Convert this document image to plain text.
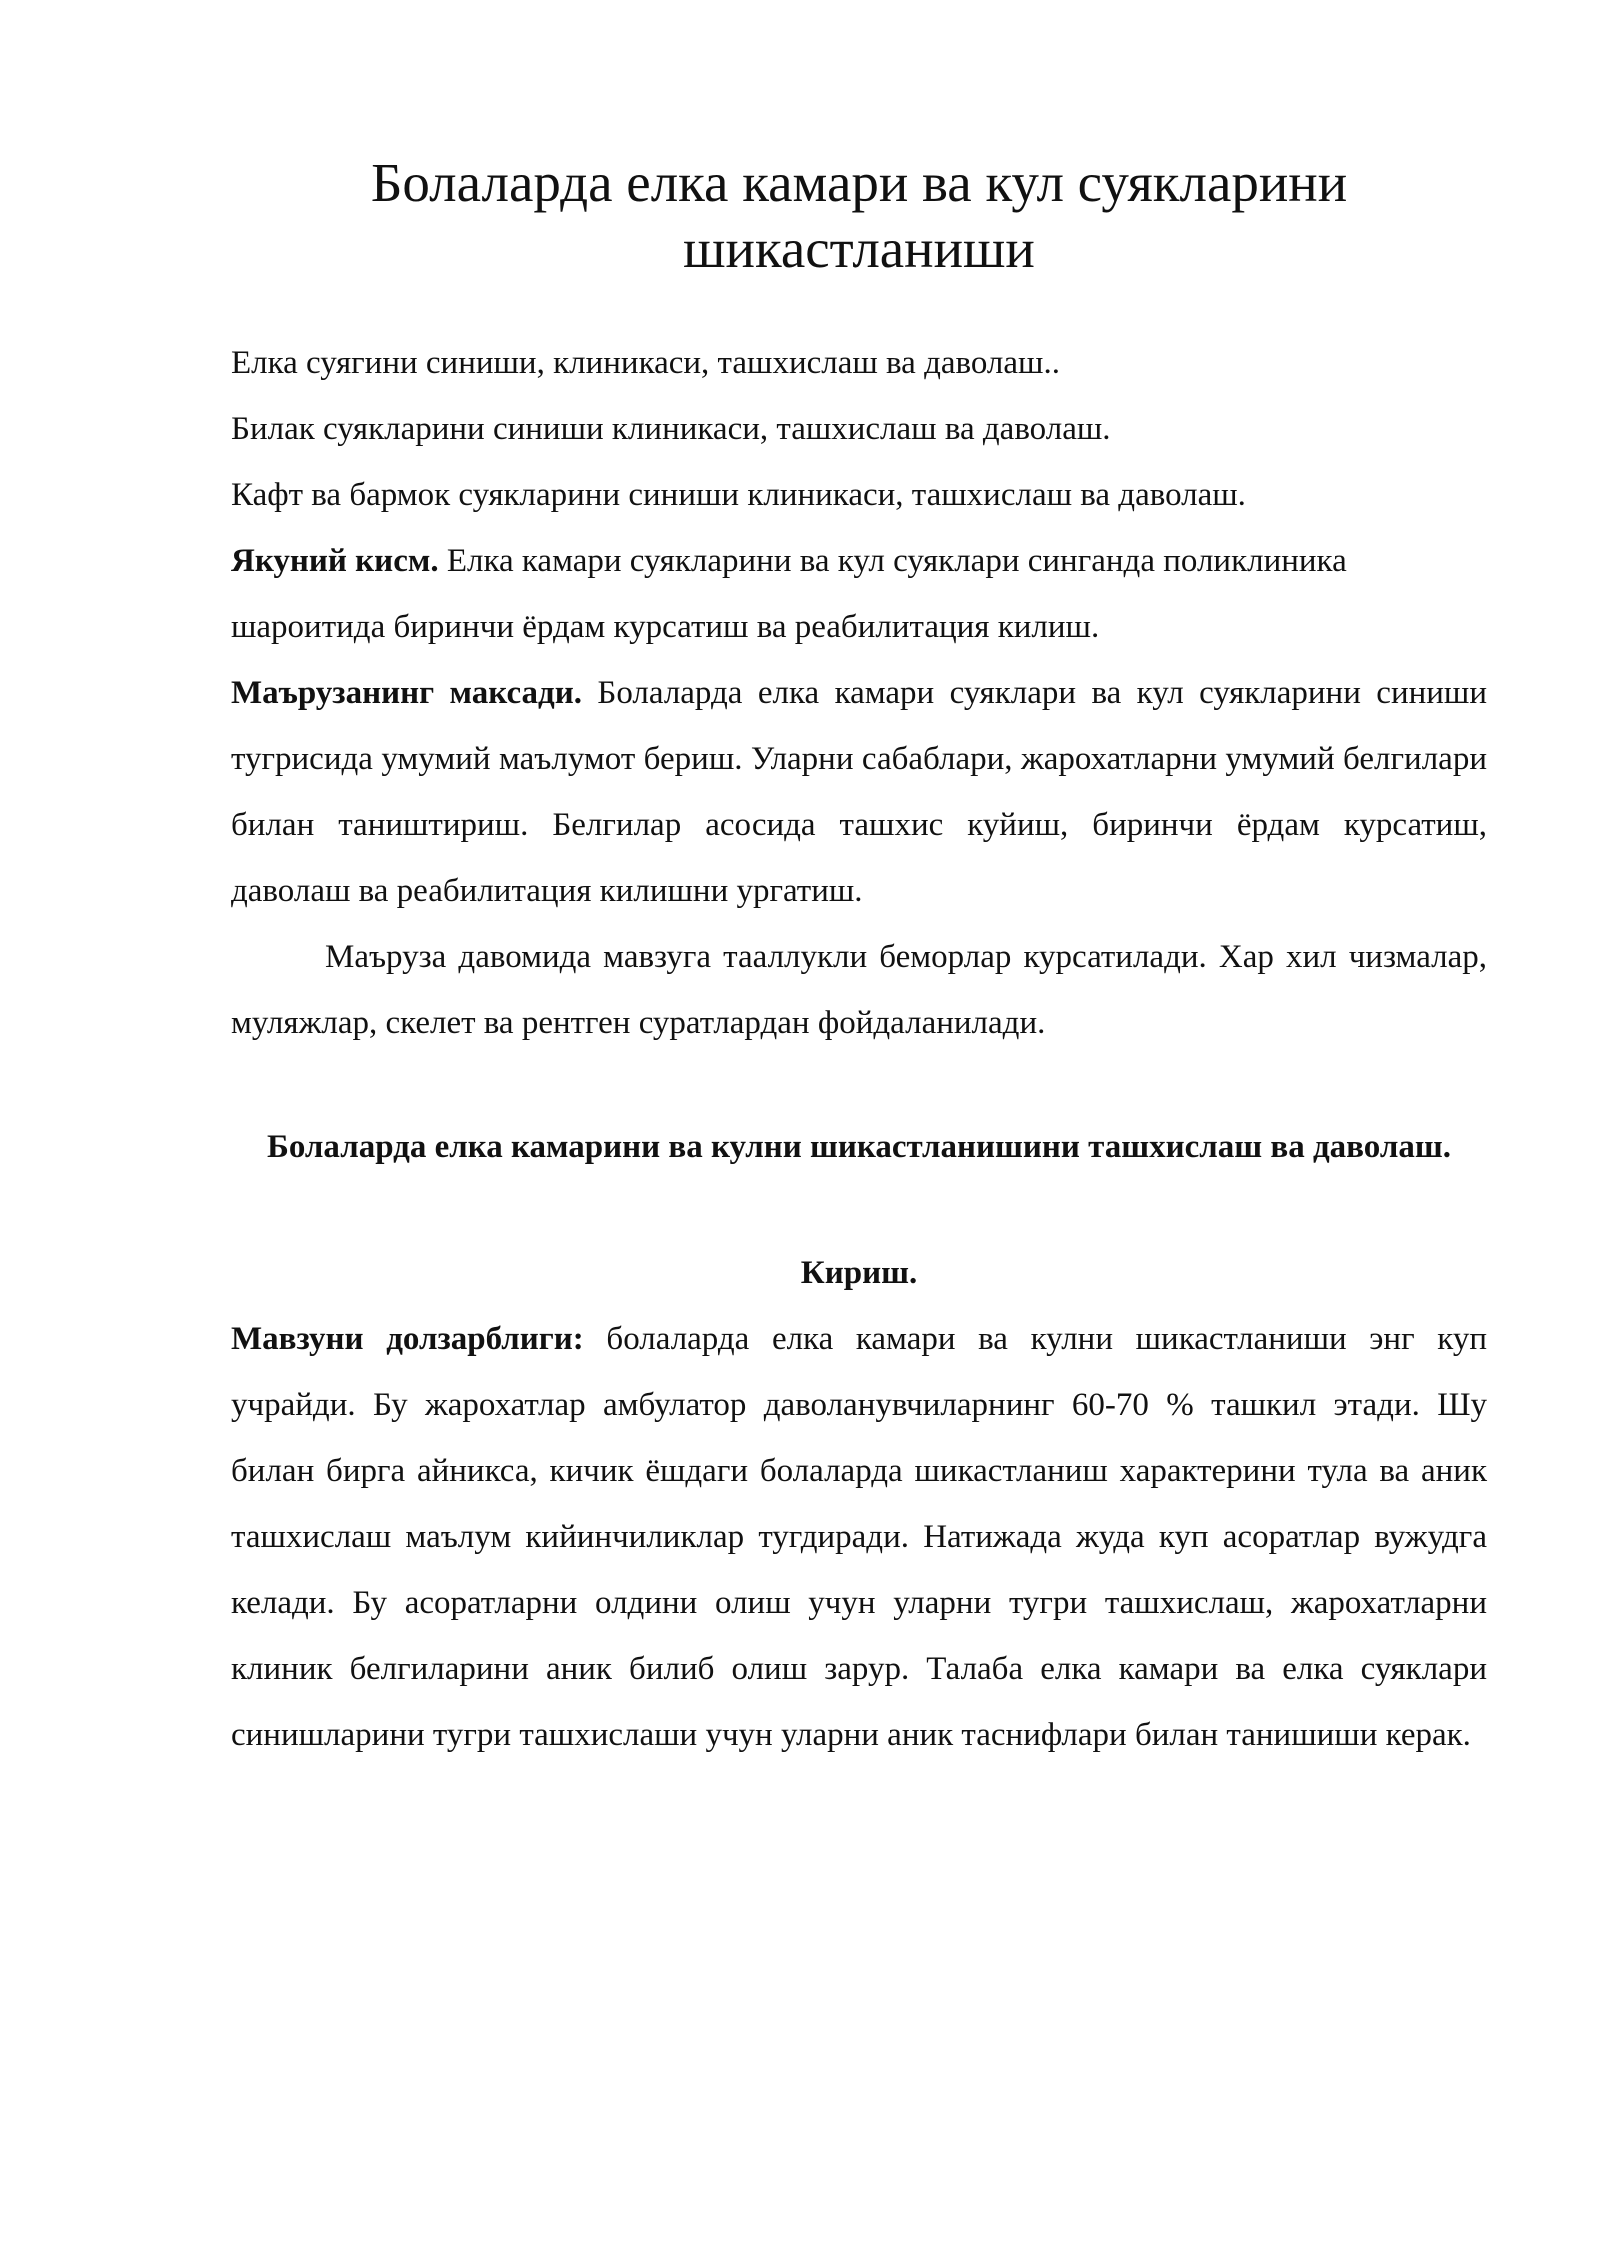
Болаларда елка камари ва кул суякларини шикастланиши
Елка суягини синиши, клиникаси, ташхислаш ва даволаш..
Билак суякларини синиши клиникаси, ташхислаш ва даволаш.
Кафт ва бармок суякларини синиши клиникаси, ташхислаш ва даволаш.

Якуний кисм. Елка камари суякларини ва кул суяклари синганда поликлиника

шароитида биринчи ёрдам курсатиш ва реабилитация килиш.

Маърузанинг максади. Болаларда елка камари суяклари ва кул суякларини синиши тугрисида умумий маълумот бериш. Уларни сабаблари, жарохатларни умумий белгилари билан таништириш. Белгилар асосида ташхис куйиш, биринчи ёрдам курсатиш, даволаш ва реабилитация килишни ургатиш.

Маъруза давомида мавзуга тааллукли беморлар курсатилади. Хар хил чизмалар, муляжлар, скелет ва рентген суратлардан фойдаланилади.

Болаларда елка камарини ва кулни шикастланишини ташхислаш ва даволаш.
Кириш.

Мавзуни долзарблиги: болаларда елка камари ва кулни шикастланиши энг куп учрайди. Бу жарохатлар амбулатор даволанувчиларнинг 60-70 % ташкил этади. Шу билан бирга айникса, кичик ёшдаги болаларда шикастланиш характерини тула ва аник ташхислаш маълум кийинчиликлар тугдиради. Натижада жуда куп асоратлар вужудга келади. Бу асоратларни олдини олиш учун уларни тугри ташхислаш, жарохатларни клиник белгиларини аник билиб олиш зарур. Талаба елка камари ва елка суяклари синишларини тугри ташхислаши учун уларни аник таснифлари билан танишиши керак.
